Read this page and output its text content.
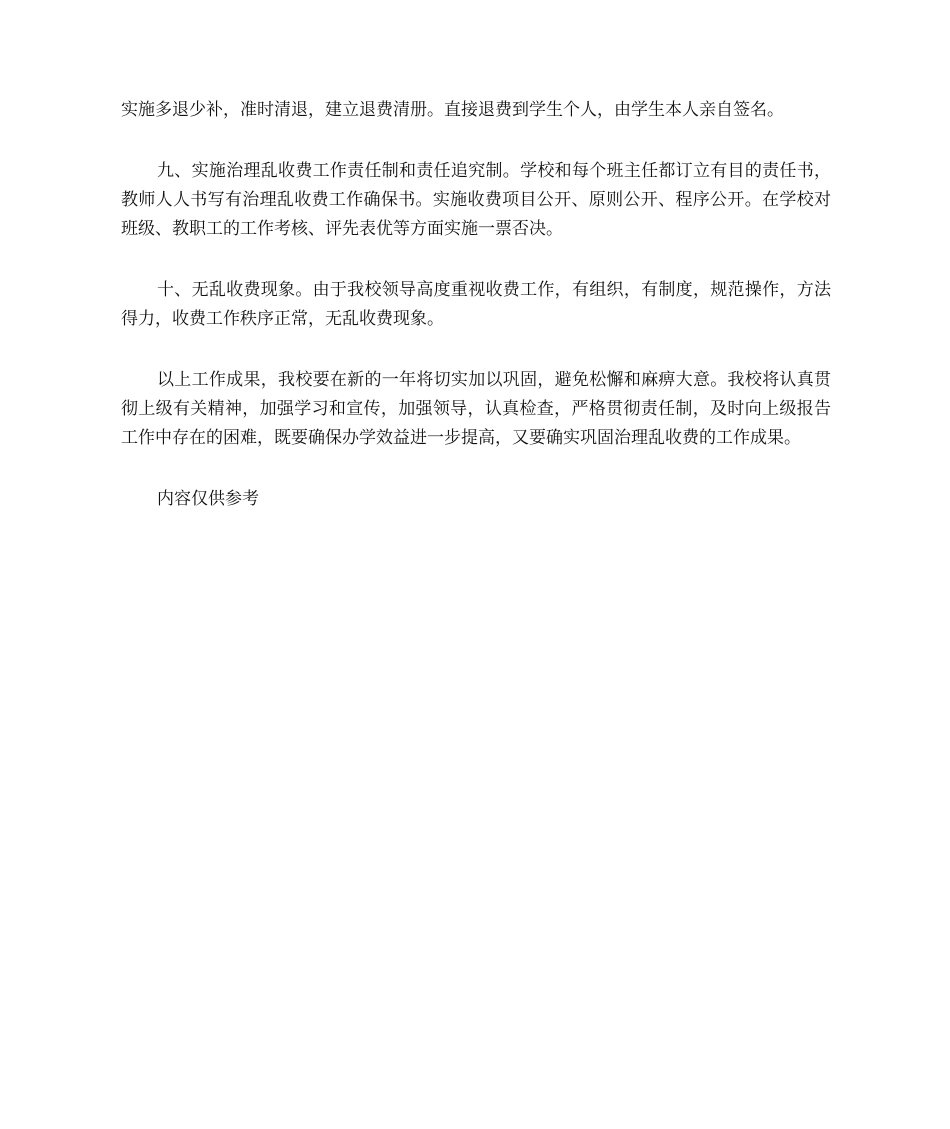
实施多退少补，准时清退，建立退费清册。直接退费到学生个人，由学生本人亲自签名。

九、实施治理乱收费工作责任制和责任追究制。学校和每个班主任都订立有目的责任书，教师人人书写有治理乱收费工作确保书。实施收费项目公开、原则公开、程序公开。在学校对班级、教职工的工作考核、评先表优等方面实施一票否决。

十、无乱收费现象。由于我校领导高度重视收费工作，有组织，有制度，规范操作，方法得力，收费工作秩序正常，无乱收费现象。

以上工作成果，我校要在新的一年将切实加以巩固，避免松懈和麻痹大意。我校将认真贯彻上级有关精神，加强学习和宣传，加强领导，认真检查，严格贯彻责任制，及时向上级报告工作中存在的困难，既要确保办学效益进一步提高，又要确实巩固治理乱收费的工作成果。

内容仅供参考
